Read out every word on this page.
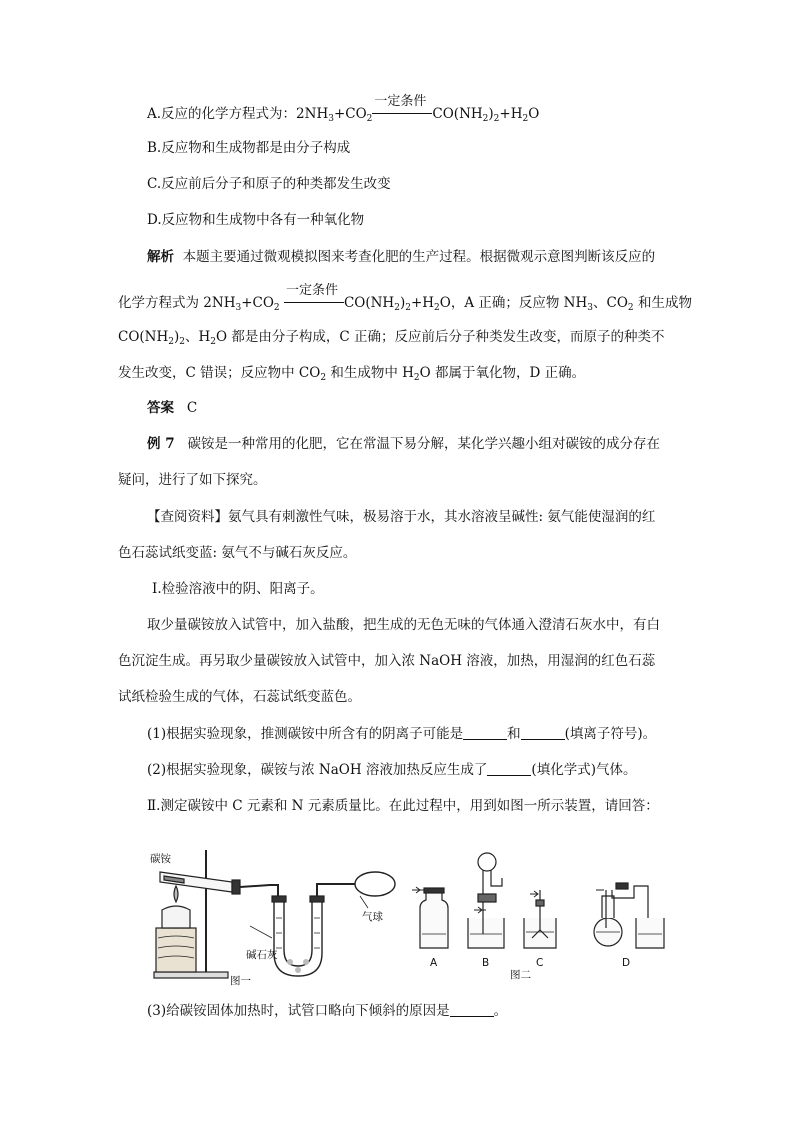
A.反应的化学方程式为：$2NH_3+CO_2$
一定条件
$CO(NH_2)_2+H_2O$
B.反应物和生成物都是由分子构成
C.反应前后分子和原子的种类都发生改变
D.反应物和生成物中各有一种氧化物
解析 本题主要通过微观模拟图来考查化肥的生产过程。根据微观示意图判断该反应的
化学方程式为 $2NH_3+CO_2$
一定条件
$CO(NH_2)_2+H_2O$，A 正确；反应物 $NH_3$、$CO_2$ 和生成物
$CO(NH_2)_2$、$H_2O$ 都是由分子构成，C 正确；反应前后分子种类发生改变，而原子的种类不
发生改变，C 错误；反应物中 $CO_2$ 和生成物中 $H_2O$ 都属于氧化物，D 正确。
答案 C
例 7 碳铵是一种常用的化肥，它在常温下易分解，某化学兴趣小组对碳铵的成分存在
疑问，进行了如下探究。
【查阅资料】氨气具有刺激性气味，极易溶于水，其水溶液呈碱性: 氨气能使湿润的红
色石蕊试纸变蓝: 氨气不与碱石灰反应。
Ⅰ.检验溶液中的阴、阳离子。
取少量碳铵放入试管中，加入盐酸，把生成的无色无味的气体通入澄清石灰水中，有白
色沉淀生成。再另取少量碳铵放入试管中，加入浓 NaOH 溶液，加热，用湿润的红色石蕊
试纸检验生成的气体，石蕊试纸变蓝色。
(1)根据实验现象，推测碳铵中所含有的阴离子可能是	和	(填离子符号)。
(2)根据实验现象，碳铵与浓 NaOH 溶液加热反应生成了	(填化学式)气体。
Ⅱ.测定碳铵中 C 元素和 N 元素质量比。在此过程中，用到如图一所示装置，请回答：
碳铵
气球
碱石灰
图一
A	B	C	D
图二
(3)给碳铵固体加热时，试管口略向下倾斜的原因是	。
